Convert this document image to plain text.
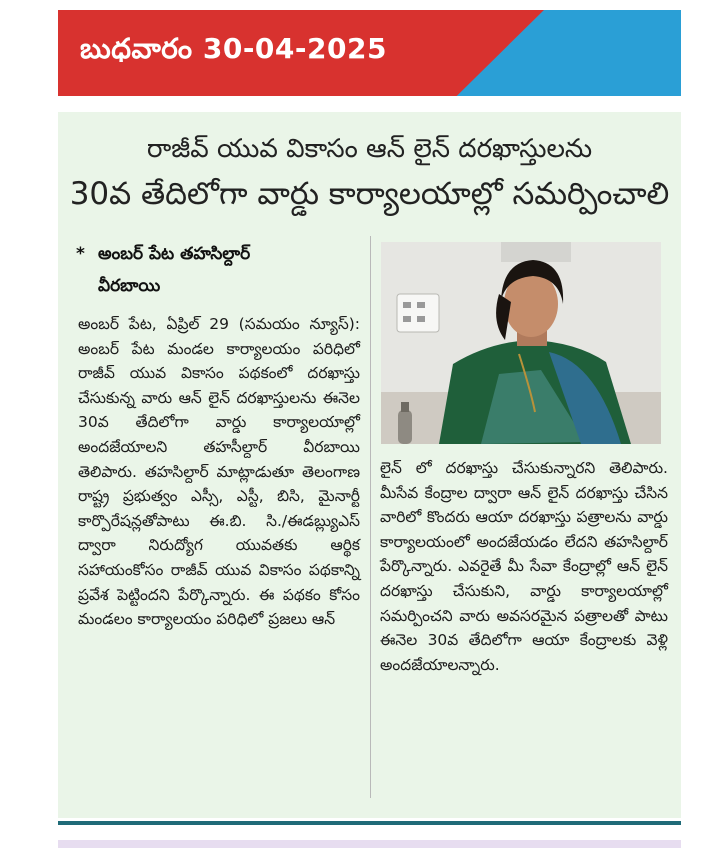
బుధవారం 30-04-2025
రాజీవ్ యువ వికాసం ఆన్ లైన్ దరఖాస్తులను
30వ తేదిలోగా వార్డు కార్యాలయాల్లో సమర్పించాలి
* అంబర్ పేట తహసిల్దార్
వీరబాయి
అంబర్ పేట, ఏప్రిల్ 29 (సమయం న్యూస్): అంబర్ పేట మండల కార్యాలయం పరిధిలో రాజీవ్ యువ వికాసం పథకంలో దరఖాస్తు చేసుకున్న వారు ఆన్ లైన్ దరఖాస్తులను ఈనెల 30వ తేదిలోగా వార్డు కార్యాలయాల్లో అందజేయాలని తహసీల్దార్ వీరబాయి తెలిపారు. తహసిల్దార్ మాట్లాడుతూ తెలంగాణ రాష్ట్ర ప్రభుత్వం ఎస్సీ, ఎస్టీ, బిసి, మైనార్టీ కార్పొరేషన్లతోపాటు ఈ.బి. సి./ఈడబ్ల్యుఎస్ ద్వారా నిరుద్యోగ యువతకు ఆర్థిక సహాయంకోసం రాజీవ్ యువ వికాసం పథకాన్ని ప్రవేశ పెట్టిందని పేర్కొన్నారు. ఈ పథకం కోసం మండలం కార్యాలయం పరిధిలో ప్రజలు ఆన్
లైన్ లో దరఖాస్తు చేసుకున్నారని తెలిపారు. మీసేవ కేంద్రాల ద్వారా ఆన్ లైన్ దరఖాస్తు చేసిన వారిలో కొందరు ఆయా దరఖాస్తు పత్రాలను వార్డు కార్యాలయంలో అందజేయడం లేదని తహసిల్దార్ పేర్కొన్నారు. ఎవరైతే మీ సేవా కేంద్రాల్లో ఆన్ లైన్ దరఖాస్తు చేసుకుని, వార్డు కార్యాలయాల్లో సమర్పించని వారు అవసరమైన పత్రాలతో పాటు ఈనెల 30వ తేదిలోగా ఆయా కేంద్రాలకు వెళ్లి అందజేయాలన్నారు.
